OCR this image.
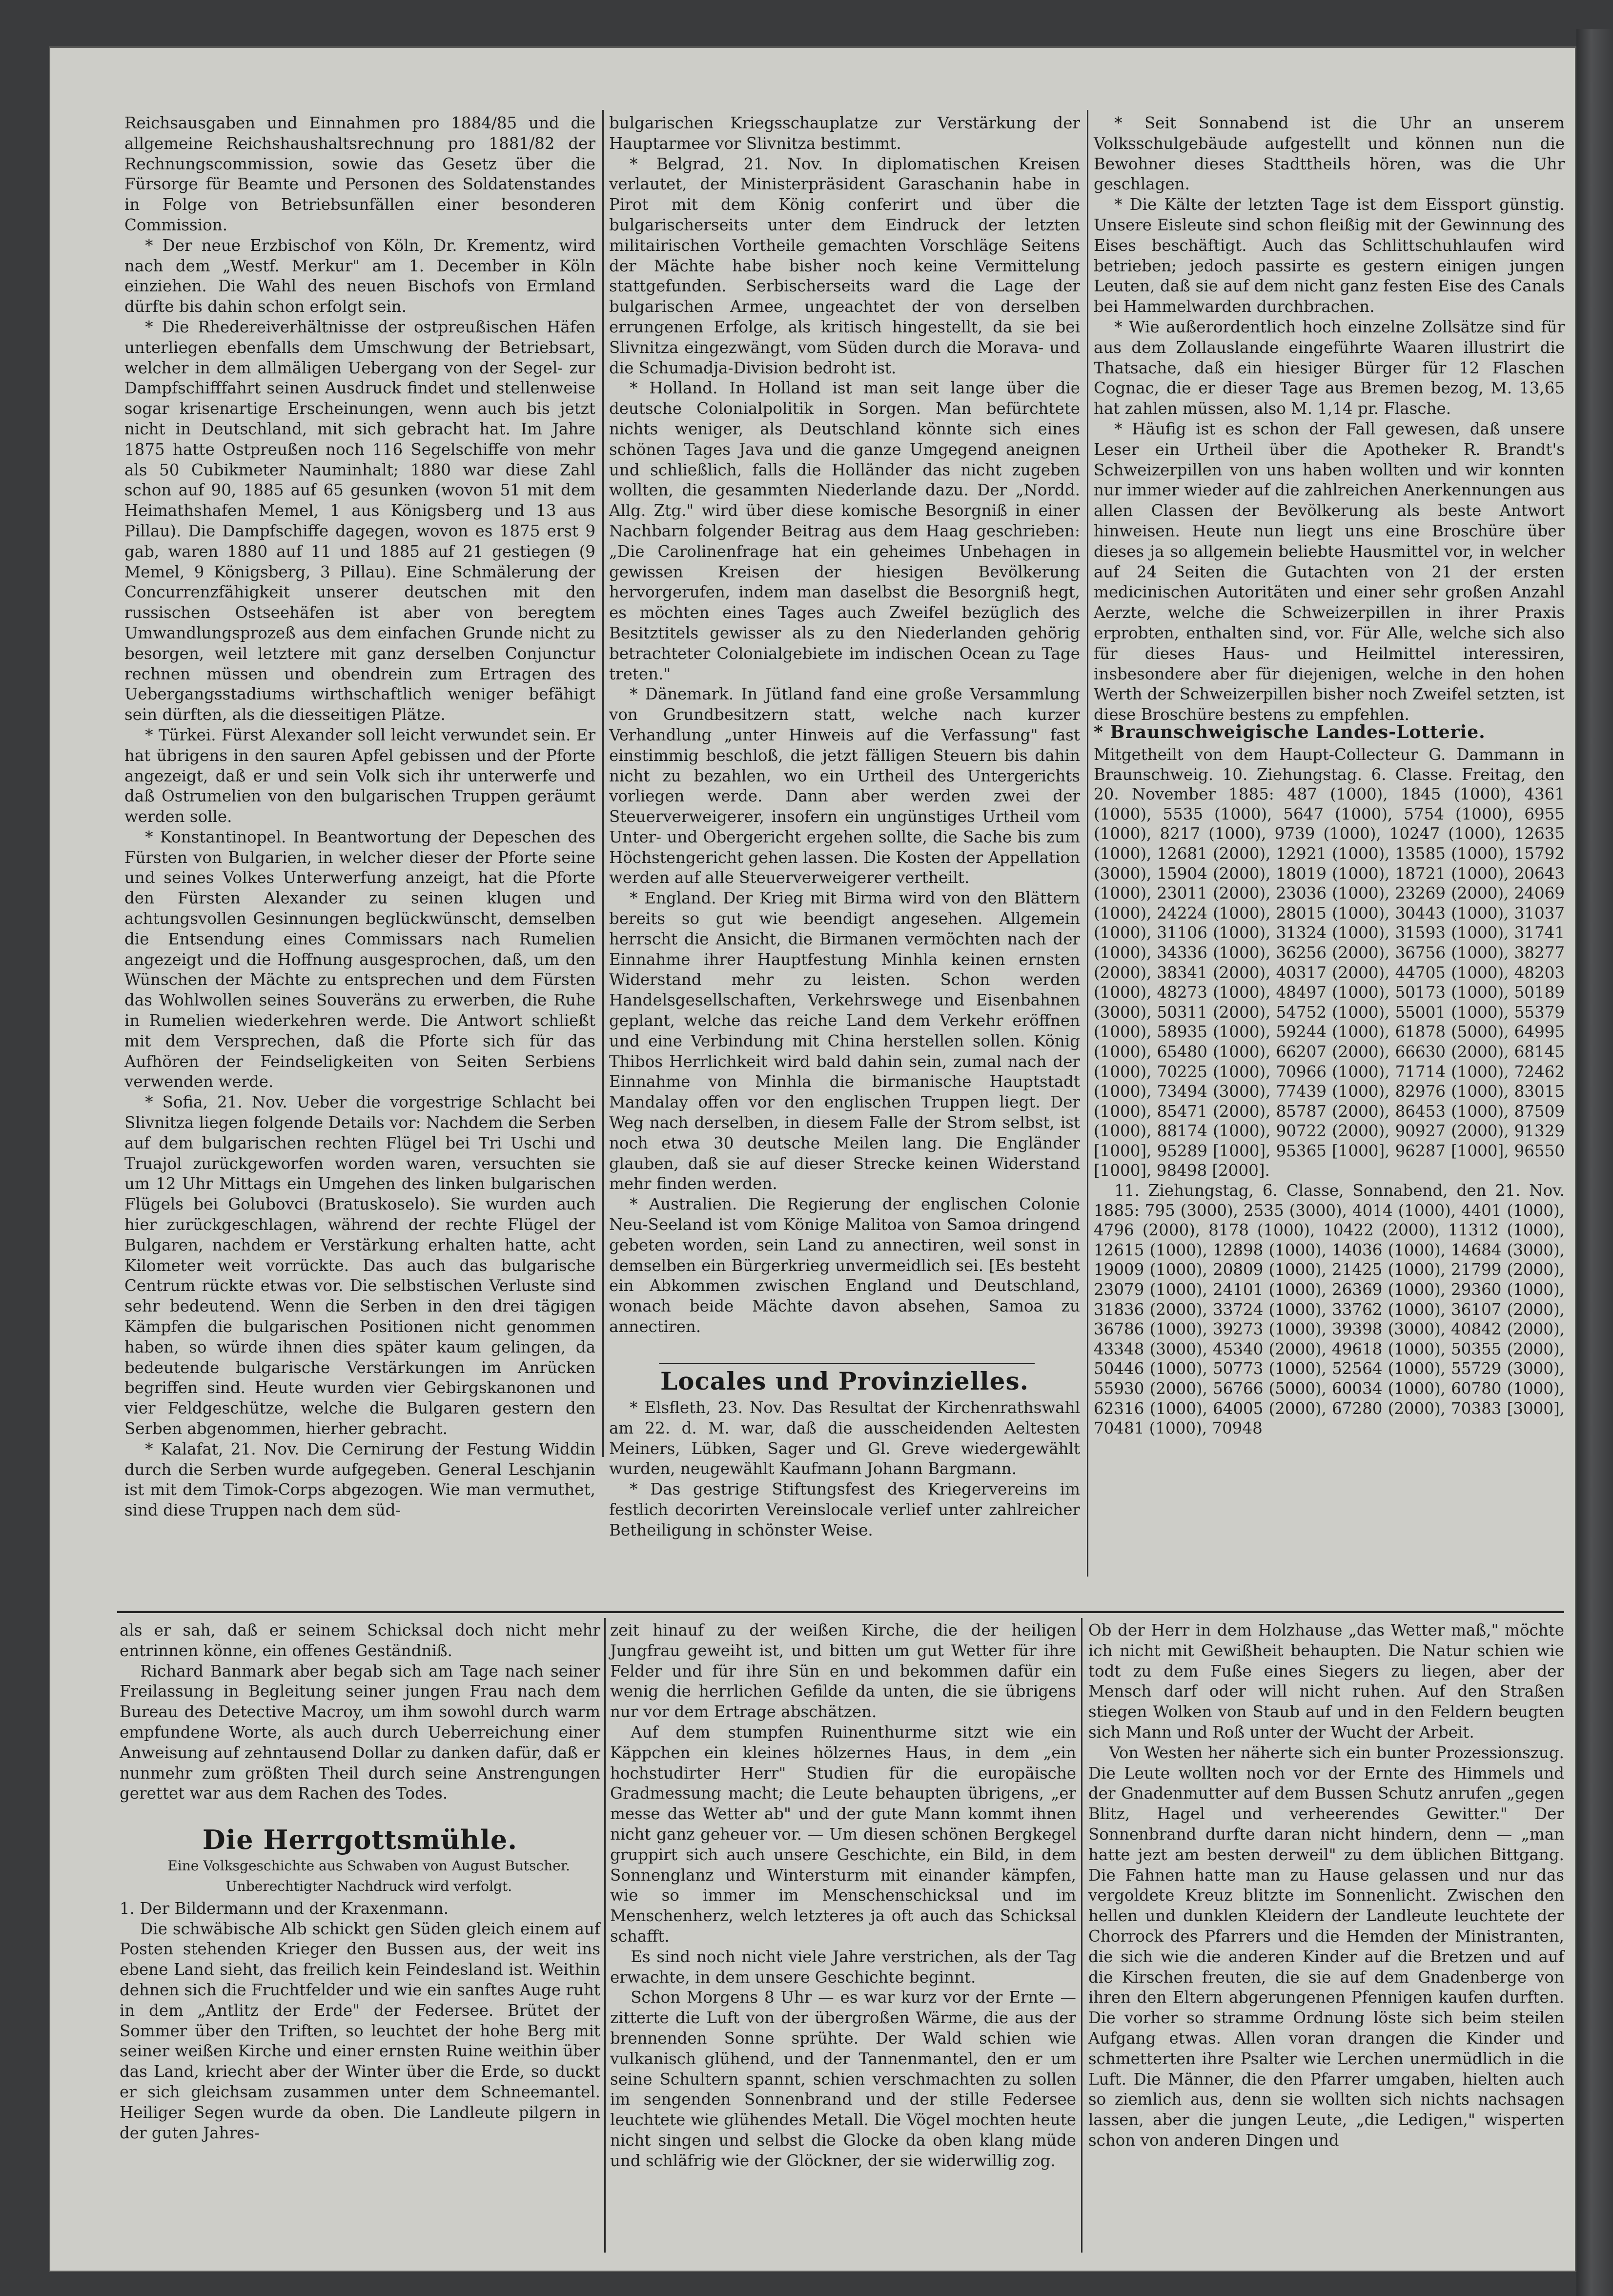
Reichsausgaben und Einnahmen pro 1884/85 und die allgemeine Reichshaushaltsrechnung pro 1881/82 der Rechnungscommission, sowie das Gesetz über die Fürsorge für Beamte und Personen des Soldatenstandes in Folge von Betriebsunfällen einer besonderen Commission.

* Der neue Erzbischof von Köln, Dr. Krementz, wird nach dem „Westf. Merkur" am 1. December in Köln einziehen. Die Wahl des neuen Bischofs von Ermland dürfte bis dahin schon erfolgt sein.

* Die Rhedereiverhältnisse der ostpreußischen Häfen unterliegen ebenfalls dem Umschwung der Betriebsart, welcher in dem allmäligen Uebergang von der Segel- zur Dampfschifffahrt seinen Ausdruck findet und stellenweise sogar krisenartige Erscheinungen, wenn auch bis jetzt nicht in Deutschland, mit sich gebracht hat. Im Jahre 1875 hatte Ostpreußen noch 116 Segelschiffe von mehr als 50 Cubikmeter Nauminhalt; 1880 war diese Zahl schon auf 90, 1885 auf 65 gesunken (wovon 51 mit dem Heimathshafen Memel, 1 aus Königsberg und 13 aus Pillau). Die Dampfschiffe dagegen, wovon es 1875 erst 9 gab, waren 1880 auf 11 und 1885 auf 21 gestiegen (9 Memel, 9 Königsberg, 3 Pillau). Eine Schmälerung der Concurrenzfähigkeit unserer deutschen mit den russischen Ostseehäfen ist aber von beregtem Umwandlungsprozeß aus dem einfachen Grunde nicht zu besorgen, weil letztere mit ganz derselben Conjunctur rechnen müssen und obendrein zum Ertragen des Uebergangsstadiums wirthschaftlich weniger befähigt sein dürften, als die diesseitigen Plätze.

* Türkei. Fürst Alexander soll leicht verwundet sein. Er hat übrigens in den sauren Apfel gebissen und der Pforte angezeigt, daß er und sein Volk sich ihr unterwerfe und daß Ostrumelien von den bulgarischen Truppen geräumt werden solle.

* Konstantinopel. In Beantwortung der Depeschen des Fürsten von Bulgarien, in welcher dieser der Pforte seine und seines Volkes Unterwerfung anzeigt, hat die Pforte den Fürsten Alexander zu seinen klugen und achtungsvollen Gesinnungen beglückwünscht, demselben die Entsendung eines Commissars nach Rumelien angezeigt und die Hoffnung ausgesprochen, daß, um den Wünschen der Mächte zu entsprechen und dem Fürsten das Wohlwollen seines Souveräns zu erwerben, die Ruhe in Rumelien wiederkehren werde. Die Antwort schließt mit dem Versprechen, daß die Pforte sich für das Aufhören der Feindseligkeiten von Seiten Serbiens verwenden werde.

* Sofia, 21. Nov. Ueber die vorgestrige Schlacht bei Slivnitza liegen folgende Details vor: Nachdem die Serben auf dem bulgarischen rechten Flügel bei Tri Uschi und Truajol zurückgeworfen worden waren, versuchten sie um 12 Uhr Mittags ein Umgehen des linken bulgarischen Flügels bei Golubovci (Bratuskoselo). Sie wurden auch hier zurückgeschlagen, während der rechte Flügel der Bulgaren, nachdem er Verstärkung erhalten hatte, acht Kilometer weit vorrückte. Das auch das bulgarische Centrum rückte etwas vor. Die selbstischen Verluste sind sehr bedeutend. Wenn die Serben in den drei tägigen Kämpfen die bulgarischen Positionen nicht genommen haben, so würde ihnen dies später kaum gelingen, da bedeutende bulgarische Verstärkungen im Anrücken begriffen sind. Heute wurden vier Gebirgskanonen und vier Feldgeschütze, welche die Bulgaren gestern den Serben abgenommen, hierher gebracht.

* Kalafat, 21. Nov. Die Cernirung der Festung Widdin durch die Serben wurde aufgegeben. General Leschjanin ist mit dem Timok-Corps abgezogen. Wie man vermuthet, sind diese Truppen nach dem süd-

bulgarischen Kriegsschauplatze zur Verstärkung der Hauptarmee vor Slivnitza bestimmt.

* Belgrad, 21. Nov. In diplomatischen Kreisen verlautet, der Ministerpräsident Garaschanin habe in Pirot mit dem König conferirt und über die bulgarischerseits unter dem Eindruck der letzten militairischen Vortheile gemachten Vorschläge Seitens der Mächte habe bisher noch keine Vermittelung stattgefunden. Serbischerseits ward die Lage der bulgarischen Armee, ungeachtet der von derselben errungenen Erfolge, als kritisch hingestellt, da sie bei Slivnitza eingezwängt, vom Süden durch die Morava- und die Schumadja-Division bedroht ist.

* Holland. In Holland ist man seit lange über die deutsche Colonialpolitik in Sorgen. Man befürchtete nichts weniger, als Deutschland könnte sich eines schönen Tages Java und die ganze Umgegend aneignen und schließlich, falls die Holländer das nicht zugeben wollten, die gesammten Niederlande dazu. Der „Nordd. Allg. Ztg." wird über diese komische Besorgniß in einer Nachbarn folgender Beitrag aus dem Haag geschrieben: „Die Carolinenfrage hat ein geheimes Unbehagen in gewissen Kreisen der hiesigen Bevölkerung hervorgerufen, indem man daselbst die Besorgniß hegt, es möchten eines Tages auch Zweifel bezüglich des Besitztitels gewisser als zu den Niederlanden gehörig betrachteter Colonialgebiete im indischen Ocean zu Tage treten."

* Dänemark. In Jütland fand eine große Versammlung von Grundbesitzern statt, welche nach kurzer Verhandlung „unter Hinweis auf die Verfassung" fast einstimmig beschloß, die jetzt fälligen Steuern bis dahin nicht zu bezahlen, wo ein Urtheil des Untergerichts vorliegen werde. Dann aber werden zwei der Steuerverweigerer, insofern ein ungünstiges Urtheil vom Unter- und Obergericht ergehen sollte, die Sache bis zum Höchstengericht gehen lassen. Die Kosten der Appellation werden auf alle Steuerverweigerer vertheilt.

* England. Der Krieg mit Birma wird von den Blättern bereits so gut wie beendigt angesehen. Allgemein herrscht die Ansicht, die Birmanen vermöchten nach der Einnahme ihrer Hauptfestung Minhla keinen ernsten Widerstand mehr zu leisten. Schon werden Handelsgesellschaften, Verkehrswege und Eisenbahnen geplant, welche das reiche Land dem Verkehr eröffnen und eine Verbindung mit China herstellen sollen. König Thibos Herrlichkeit wird bald dahin sein, zumal nach der Einnahme von Minhla die birmanische Hauptstadt Mandalay offen vor den englischen Truppen liegt. Der Weg nach derselben, in diesem Falle der Strom selbst, ist noch etwa 30 deutsche Meilen lang. Die Engländer glauben, daß sie auf dieser Strecke keinen Widerstand mehr finden werden.

* Australien. Die Regierung der englischen Colonie Neu-Seeland ist vom Könige Malitoa von Samoa dringend gebeten worden, sein Land zu annectiren, weil sonst in demselben ein Bürgerkrieg unvermeidlich sei. [Es besteht ein Abkommen zwischen England und Deutschland, wonach beide Mächte davon absehen, Samoa zu annectiren.

Locales und Provinzielles.

* Elsfleth, 23. Nov. Das Resultat der Kirchenrathswahl am 22. d. M. war, daß die ausscheidenden Aeltesten Meiners, Lübken, Sager und Gl. Greve wiedergewählt wurden, neugewählt Kaufmann Johann Bargmann.

* Das gestrige Stiftungsfest des Kriegervereins im festlich decorirten Vereinslocale verlief unter zahlreicher Betheiligung in schönster Weise.

* Seit Sonnabend ist die Uhr an unserem Volksschulgebäude aufgestellt und können nun die Bewohner dieses Stadttheils hören, was die Uhr geschlagen.

* Die Kälte der letzten Tage ist dem Eissport günstig. Unsere Eisleute sind schon fleißig mit der Gewinnung des Eises beschäftigt. Auch das Schlittschuhlaufen wird betrieben; jedoch passirte es gestern einigen jungen Leuten, daß sie auf dem nicht ganz festen Eise des Canals bei Hammelwarden durchbrachen.

* Wie außerordentlich hoch einzelne Zollsätze sind für aus dem Zollauslande eingeführte Waaren illustrirt die Thatsache, daß ein hiesiger Bürger für 12 Flaschen Cognac, die er dieser Tage aus Bremen bezog, M. 13,65 hat zahlen müssen, also M. 1,14 pr. Flasche.

* Häufig ist es schon der Fall gewesen, daß unsere Leser ein Urtheil über die Apotheker R. Brandt's Schweizerpillen von uns haben wollten und wir konnten nur immer wieder auf die zahlreichen Anerkennungen aus allen Classen der Bevölkerung als beste Antwort hinweisen. Heute nun liegt uns eine Broschüre über dieses ja so allgemein beliebte Hausmittel vor, in welcher auf 24 Seiten die Gutachten von 21 der ersten medicinischen Autoritäten und einer sehr großen Anzahl Aerzte, welche die Schweizerpillen in ihrer Praxis erprobten, enthalten sind, vor. Für Alle, welche sich also für dieses Haus- und Heilmittel interessiren, insbesondere aber für diejenigen, welche in den hohen Werth der Schweizerpillen bisher noch Zweifel setzten, ist diese Broschüre bestens zu empfehlen.

* Braunschweigische Landes-Lotterie.

Mitgetheilt von dem Haupt-Collecteur G. Dammann in Braunschweig. 10. Ziehungstag. 6. Classe. Freitag, den 20. November 1885: 487 (1000), 1845 (1000), 4361 (1000), 5535 (1000), 5647 (1000), 5754 (1000), 6955 (1000), 8217 (1000), 9739 (1000), 10247 (1000), 12635 (1000), 12681 (2000), 12921 (1000), 13585 (1000), 15792 (3000), 15904 (2000), 18019 (1000), 18721 (1000), 20643 (1000), 23011 (2000), 23036 (1000), 23269 (2000), 24069 (1000), 24224 (1000), 28015 (1000), 30443 (1000), 31037 (1000), 31106 (1000), 31324 (1000), 31593 (1000), 31741 (1000), 34336 (1000), 36256 (2000), 36756 (1000), 38277 (2000), 38341 (2000), 40317 (2000), 44705 (1000), 48203 (1000), 48273 (1000), 48497 (1000), 50173 (1000), 50189 (3000), 50311 (2000), 54752 (1000), 55001 (1000), 55379 (1000), 58935 (1000), 59244 (1000), 61878 (5000), 64995 (1000), 65480 (1000), 66207 (2000), 66630 (2000), 68145 (1000), 70225 (1000), 70966 (1000), 71714 (1000), 72462 (1000), 73494 (3000), 77439 (1000), 82976 (1000), 83015 (1000), 85471 (2000), 85787 (2000), 86453 (1000), 87509 (1000), 88174 (1000), 90722 (2000), 90927 (2000), 91329 [1000], 95289 [1000], 95365 [1000], 96287 [1000], 96550 [1000], 98498 [2000].

11. Ziehungstag, 6. Classe, Sonnabend, den 21. Nov. 1885: 795 (3000), 2535 (3000), 4014 (1000), 4401 (1000), 4796 (2000), 8178 (1000), 10422 (2000), 11312 (1000), 12615 (1000), 12898 (1000), 14036 (1000), 14684 (3000), 19009 (1000), 20809 (1000), 21425 (1000), 21799 (2000), 23079 (1000), 24101 (1000), 26369 (1000), 29360 (1000), 31836 (2000), 33724 (1000), 33762 (1000), 36107 (2000), 36786 (1000), 39273 (1000), 39398 (3000), 40842 (2000), 43348 (3000), 45340 (2000), 49618 (1000), 50355 (2000), 50446 (1000), 50773 (1000), 52564 (1000), 55729 (3000), 55930 (2000), 56766 (5000), 60034 (1000), 60780 (1000), 62316 (1000), 64005 (2000), 67280 (2000), 70383 [3000], 70481 (1000), 70948

als er sah, daß er seinem Schicksal doch nicht mehr entrinnen könne, ein offenes Geständniß.

Richard Banmark aber begab sich am Tage nach seiner Freilassung in Begleitung seiner jungen Frau nach dem Bureau des Detective Macroy, um ihm sowohl durch warm empfundene Worte, als auch durch Ueberreichung einer Anweisung auf zehntausend Dollar zu danken dafür, daß er nunmehr zum größten Theil durch seine Anstrengungen gerettet war aus dem Rachen des Todes.

Die Herrgottsmühle.

Eine Volksgeschichte aus Schwaben von August Butscher.

Unberechtigter Nachdruck wird verfolgt.

1. Der Bildermann und der Kraxenmann.

Die schwäbische Alb schickt gen Süden gleich einem auf Posten stehenden Krieger den Bussen aus, der weit ins ebene Land sieht, das freilich kein Feindesland ist. Weithin dehnen sich die Fruchtfelder und wie ein sanftes Auge ruht in dem „Antlitz der Erde" der Federsee. Brütet der Sommer über den Triften, so leuchtet der hohe Berg mit seiner weißen Kirche und einer ernsten Ruine weithin über das Land, kriecht aber der Winter über die Erde, so duckt er sich gleichsam zusammen unter dem Schneemantel. Heiliger Segen wurde da oben. Die Landleute pilgern in der guten Jahres-

zeit hinauf zu der weißen Kirche, die der heiligen Jungfrau geweiht ist, und bitten um gut Wetter für ihre Felder und für ihre Sün en und bekommen dafür ein wenig die herrlichen Gefilde da unten, die sie übrigens nur vor dem Ertrage abschätzen.

Auf dem stumpfen Ruinenthurme sitzt wie ein Käppchen ein kleines hölzernes Haus, in dem „ein hochstudirter Herr" Studien für die europäische Gradmessung macht; die Leute behaupten übrigens, „er messe das Wetter ab" und der gute Mann kommt ihnen nicht ganz geheuer vor. — Um diesen schönen Bergkegel gruppirt sich auch unsere Geschichte, ein Bild, in dem Sonnenglanz und Wintersturm mit einander kämpfen, wie so immer im Menschenschicksal und im Menschenherz, welch letzteres ja oft auch das Schicksal schafft.

Es sind noch nicht viele Jahre verstrichen, als der Tag erwachte, in dem unsere Geschichte beginnt.

Schon Morgens 8 Uhr — es war kurz vor der Ernte — zitterte die Luft von der übergroßen Wärme, die aus der brennenden Sonne sprühte. Der Wald schien wie vulkanisch glühend, und der Tannenmantel, den er um seine Schultern spannt, schien verschmachten zu sollen im sengenden Sonnenbrand und der stille Federsee leuchtete wie glühendes Metall. Die Vögel mochten heute nicht singen und selbst die Glocke da oben klang müde und schläfrig wie der Glöckner, der sie widerwillig zog.

Ob der Herr in dem Holzhause „das Wetter maß," möchte ich nicht mit Gewißheit behaupten. Die Natur schien wie todt zu dem Fuße eines Siegers zu liegen, aber der Mensch darf oder will nicht ruhen. Auf den Straßen stiegen Wolken von Staub auf und in den Feldern beugten sich Mann und Roß unter der Wucht der Arbeit.

Von Westen her näherte sich ein bunter Prozessionszug. Die Leute wollten noch vor der Ernte des Himmels und der Gnadenmutter auf dem Bussen Schutz anrufen „gegen Blitz, Hagel und verheerendes Gewitter." Der Sonnenbrand durfte daran nicht hindern, denn — „man hatte jezt am besten derweil" zu dem üblichen Bittgang. Die Fahnen hatte man zu Hause gelassen und nur das vergoldete Kreuz blitzte im Sonnenlicht. Zwischen den hellen und dunklen Kleidern der Landleute leuchtete der Chorrock des Pfarrers und die Hemden der Ministranten, die sich wie die anderen Kinder auf die Bretzen und auf die Kirschen freuten, die sie auf dem Gnadenberge von ihren den Eltern abgerungenen Pfennigen kaufen durften. Die vorher so stramme Ordnung löste sich beim steilen Aufgang etwas. Allen voran drangen die Kinder und schmetterten ihre Psalter wie Lerchen unermüdlich in die Luft. Die Männer, die den Pfarrer umgaben, hielten auch so ziemlich aus, denn sie wollten sich nichts nachsagen lassen, aber die jungen Leute, „die Ledigen," wisperten schon von anderen Dingen und
